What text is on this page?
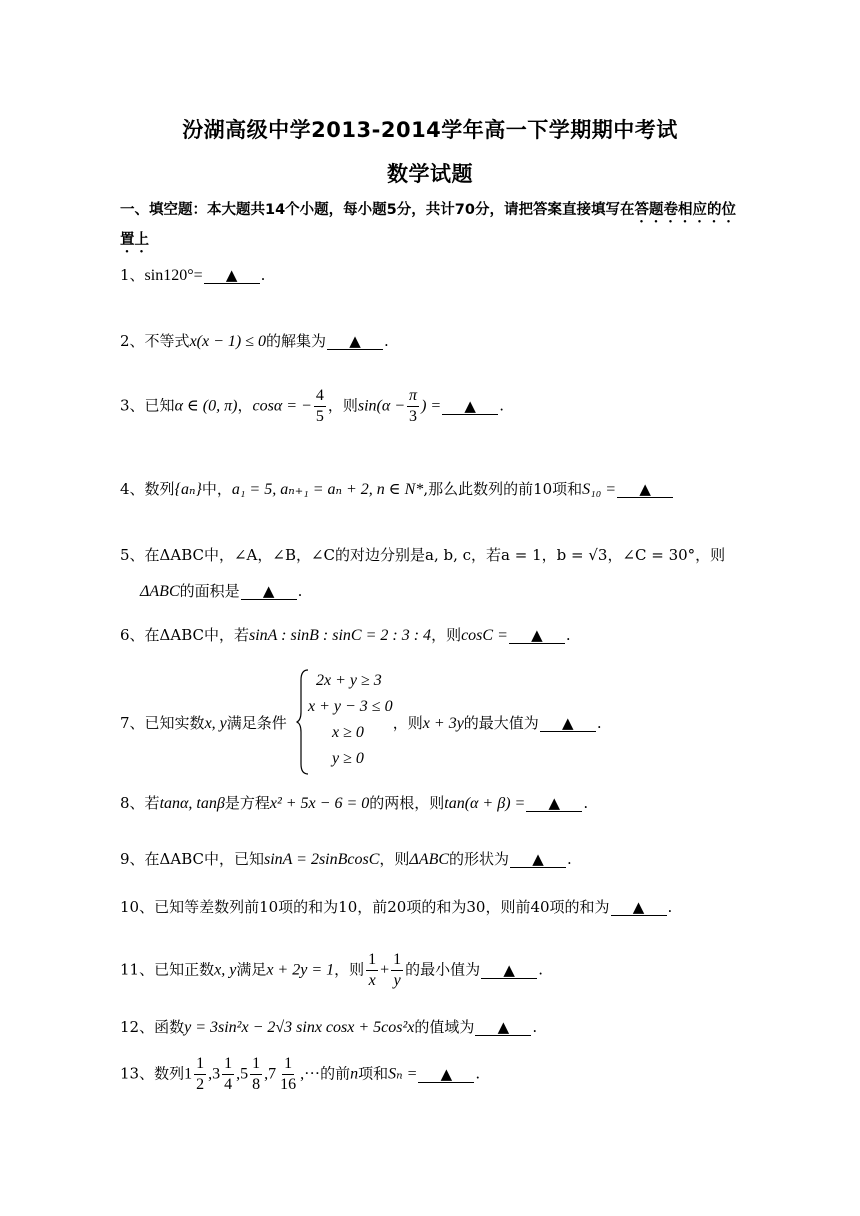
汾湖高级中学2013-2014学年高一下学期期中考试
数学试题
一、填空题：本大题共14个小题，每小题5分，共计70分，请把答案直接填写在答题卷相应的位置上
1、sin120°= ▲ .
2、不等式x(x − 1) ≤ 0的解集为 ▲ .
3、已知α ∈ (0, π)，cosα = − $\frac{4}{5}$ ，则$\sin(\alpha - \frac{\pi}{3}$ ) = ▲ .
4、数列{aₙ}中，a₁ = 5, aₙ₊₁ = aₙ + 2, n ∈ N*,那么此数列的前10项和S₁₀ = ▲
5、在ΔABC中，∠A，∠B，∠C的对边分别是a, b, c，若a = 1，b = √3，∠C = 30°，则
ΔABC的面积是 ▲ .
6、在ΔABC中，若sinA : sinB : sinC = 2 : 3 : 4，则cosC = ▲ .
7、已知实数x, y满足条件	，则x + 3y的最大值为 ▲ .
2x + y ≥ 3
x + y − 3 ≤ 0
x ≥ 0
y ≥ 0
8、若tanα, tanβ是方程x² + 5x − 6 = 0的两根，则tan(α + β) = ▲ .
9、在ΔABC中，已知sinA = 2sinBcosC，则ΔABC的形状为 ▲ .
10、已知等差数列前10项的和为10，前20项的和为30，则前40项的和为 ▲ .
11、已知正数x, y满足x + 2y = 1，则 $\frac{1}{x} + \frac{1}{y}$ 的最小值为 ▲ .
12、函数y = 3sin²x − 2√3 sinx cosx + 5cos²x的值域为 ▲ .
13、数列$1 \frac{1}{2} ,3 \frac{1}{4} ,5 \frac{1}{8} ,7 \frac{1}{16}$ ,···的前n项和Sₙ = ▲ .
